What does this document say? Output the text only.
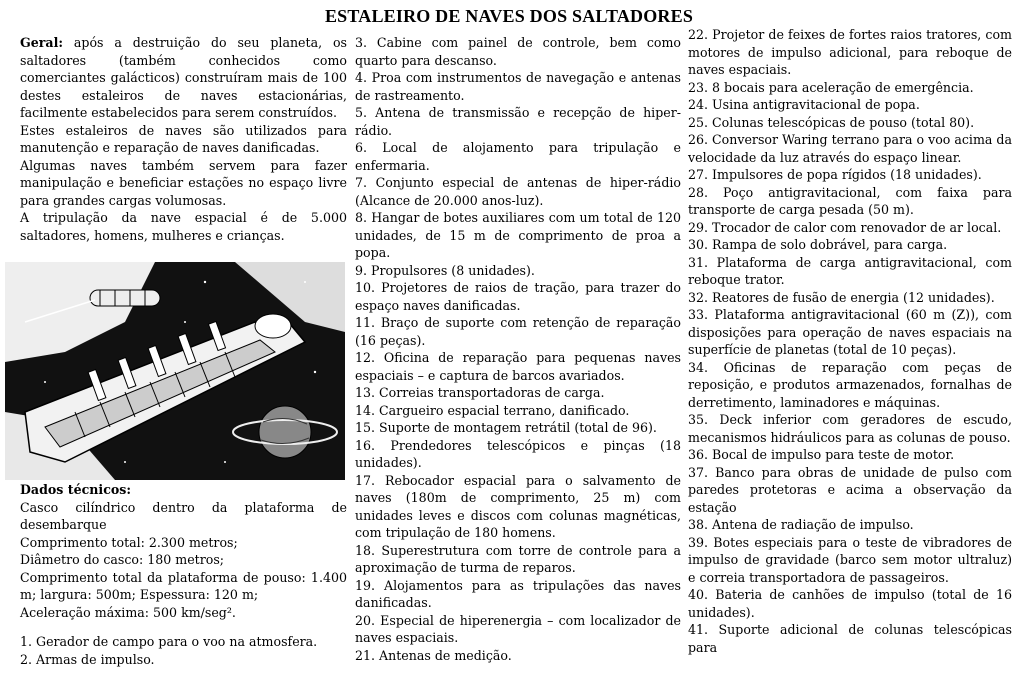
ESTALEIRO DE NAVES DOS SALTADORES

Geral: após a destruição do seu planeta, os saltadores (também conhecidos como comerciantes galácticos) construíram mais de 100 destes estaleiros de naves estacionárias, facilmente estabelecidos para serem construídos.

Estes estaleiros de naves são utilizados para manutenção e reparação de naves danificadas.

Algumas naves também servem para fazer manipulação e beneficiar estações no espaço livre para grandes cargas volumosas.

A tripulação da nave espacial é de 5.000 saltadores, homens, mulheres e crianças.

Dados técnicos:

Casco cilíndrico dentro da plataforma de desembarque

Comprimento total: 2.300 metros;

Diâmetro do casco: 180 metros;

Comprimento total da plataforma de pouso: 1.400 m; largura: 500m; Espessura: 120 m;

Aceleração máxima: 500 km/seg².

1. Gerador de campo para o voo na atmosfera.

2. Armas de impulso.

3. Cabine com painel de controle, bem como quarto para descanso.

4. Proa com instrumentos de navegação e antenas de rastreamento.

5. Antena de transmissão e recepção de hiper-rádio.

6. Local de alojamento para tripulação e enfermaria.

7. Conjunto especial de antenas de hiper-rádio (Alcance de 20.000 anos-luz).

8. Hangar de botes auxiliares com um total de 120 unidades, de 15 m de comprimento de proa a popa.

9. Propulsores (8 unidades).

10. Projetores de raios de tração, para trazer do espaço naves danificadas.

11. Braço de suporte com retenção de reparação (16 peças).

12. Oficina de reparação para pequenas naves espaciais – e captura de barcos avariados.

13. Correias transportadoras de carga.

14. Cargueiro espacial terrano, danificado.

15. Suporte de montagem retrátil (total de 96).

16. Prendedores telescópicos e pinças (18 unidades).

17. Rebocador espacial para o salvamento de naves (180m de comprimento, 25 m) com unidades leves e discos com colunas magnéticas, com tripulação de 180 homens.

18. Superestrutura com torre de controle para a aproximação de turma de reparos.

19. Alojamentos para as tripulações das naves danificadas.

20. Especial de hiperenergia – com localizador de naves espaciais.

21. Antenas de medição.

22. Projetor de feixes de fortes raios tratores, com motores de impulso adicional, para reboque de naves espaciais.

23. 8 bocais para aceleração de emergência.

24. Usina antigravitacional de popa.

25. Colunas telescópicas de pouso (total 80).

26. Conversor Waring terrano para o voo acima da velocidade da luz através do espaço linear.

27. Impulsores de popa rígidos (18 unidades).

28. Poço antigravitacional, com faixa para transporte de carga pesada (50 m).

29. Trocador de calor com renovador de ar local.

30. Rampa de solo dobrável, para carga.

31. Plataforma de carga antigravitacional, com reboque trator.

32. Reatores de fusão de energia (12 unidades).

33. Plataforma antigravitacional (60 m (Z)), com disposições para operação de naves espaciais na superfície de planetas (total de 10 peças).

34. Oficinas de reparação com peças de reposição, e produtos armazenados, fornalhas de derretimento, laminadores e máquinas.

35. Deck inferior com geradores de escudo, mecanismos hidráulicos para as colunas de pouso.

36. Bocal de impulso para teste de motor.

37. Banco para obras de unidade de pulso com paredes protetoras e acima a observação da estação

38. Antena de radiação de impulso.

39. Botes especiais para o teste de vibradores de impulso de gravidade (barco sem motor ultraluz) e correia transportadora de passageiros.

40. Bateria de canhões de impulso (total de 16 unidades).

41. Suporte adicional de colunas telescópicas para
